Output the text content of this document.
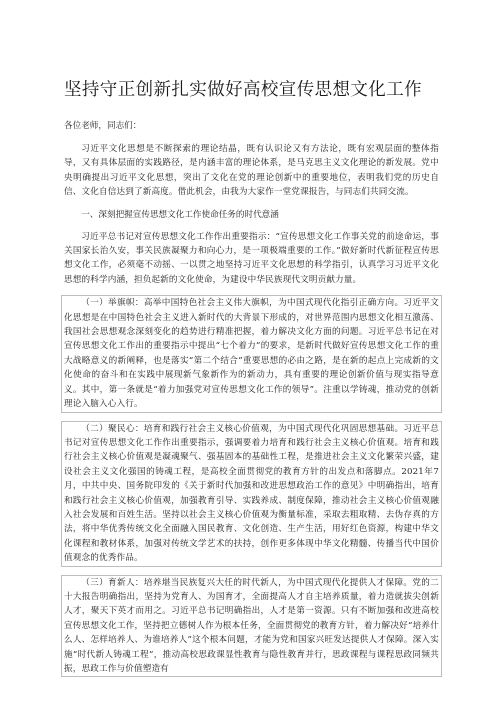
坚持守正创新扎实做好高校宣传思想文化工作

各位老师，同志们：

习近平文化思想是不断探索的理论结晶，既有认识论又有方法论，既有宏观层面的整体指导，又有具体层面的实践路径，是内涵丰富的理论体系，是马克思主义文化理论的新发展。党中央明确提出习近平文化思想，突出了文化在党的理论创新中的重要地位，表明我们党的历史自信、文化自信达到了新高度。借此机会，由我为大家作一堂党课报告，与同志们共同交流。

一、深刻把握宣传思想文化工作使命任务的时代意涵

习近平总书记对宣传思想文化工作作出重要指示：“宣传思想文化工作事关党的前途命运，事关国家长治久安，事关民族凝聚力和向心力，是一项极端重要的工作。”做好新时代新征程宣传思想文化工作，必须毫不动摇、一以贯之地坚持习近平文化思想的科学指引，认真学习习近平文化思想的科学内涵，担负起新的文化使命，为建设中华民族现代文明贡献力量。

（一）举旗帜：高举中国特色社会主义伟大旗帜，为中国式现代化指引正确方向。习近平文化思想是在中国特色社会主义进入新时代的大背景下形成的，对世界范围内思想文化相互激荡、我国社会思想观念深刻变化的趋势进行精准把握，着力解决文化方面的问题。习近平总书记在对宣传思想文化工作出的重要指示中提出“七个着力”的要求，是新时代做好宣传思想文化工作的重大战略意义的新阐释，也是落实“第二个结合”重要思想的必由之路，是在新的起点上完成新的文化使命的奋斗和在实践中展现新气象新作为的新动力，具有重要的理论创新价值与现实指导意义。其中，第一条就是“着力加强党对宣传思想文化工作的领导”。注重以学铸魂，推动党的创新理论入脑入心入行。

（二）聚民心：培育和践行社会主义核心价值观，为中国式现代化巩固思想基础。习近平总书记对宣传思想文化工作作出重要指示，强调要着力培育和践行社会主义核心价值观。培育和践行社会主义核心价值观是凝魂聚气、强基固本的基础性工程，是推进社会主义文化繁荣兴盛，建设社会主义文化强国的铸魂工程，是高校全面贯彻党的教育方针的出发点和落脚点。2021年7月，中共中央、国务院印发的《关于新时代加强和改进思想政治工作的意见》中明确指出，培育和践行社会主义核心价值观，加强教育引导、实践养成、制度保障，推动社会主义核心价值观融入社会发展和百姓生活。坚持以社会主义核心价值观为衡量标准，采取去粗取精、去伪存真的方法，将中华优秀传统文化全面融入国民教育、文化创造、生产生活，用好红色资源，构建中华文化课程和教材体系，加强对传统文学艺术的扶持，创作更多体现中华文化精髓、传播当代中国价值观念的优秀作品。

（三）育新人：培养堪当民族复兴大任的时代新人，为中国式现代化提供人才保障。党的二十大报告明确指出，坚持为党育人、为国育才，全面提高人才自主培养质量，着力造就拔尖创新人才，聚天下英才而用之。习近平总书记明确指出，人才是第一资源。只有不断加强和改进高校宣传思想文化工作，坚持把立德树人作为根本任务，全面贯彻党的教育方针，着力解决好“培养什么人、怎样培养人、为谁培养人”这个根本问题，才能为党和国家兴旺发达提供人才保障。深入实施“时代新人铸魂工程”，推动高校思政课显性教育与隐性教育并行，思政课程与课程思政同频共振，思政工作与价值塑造有
